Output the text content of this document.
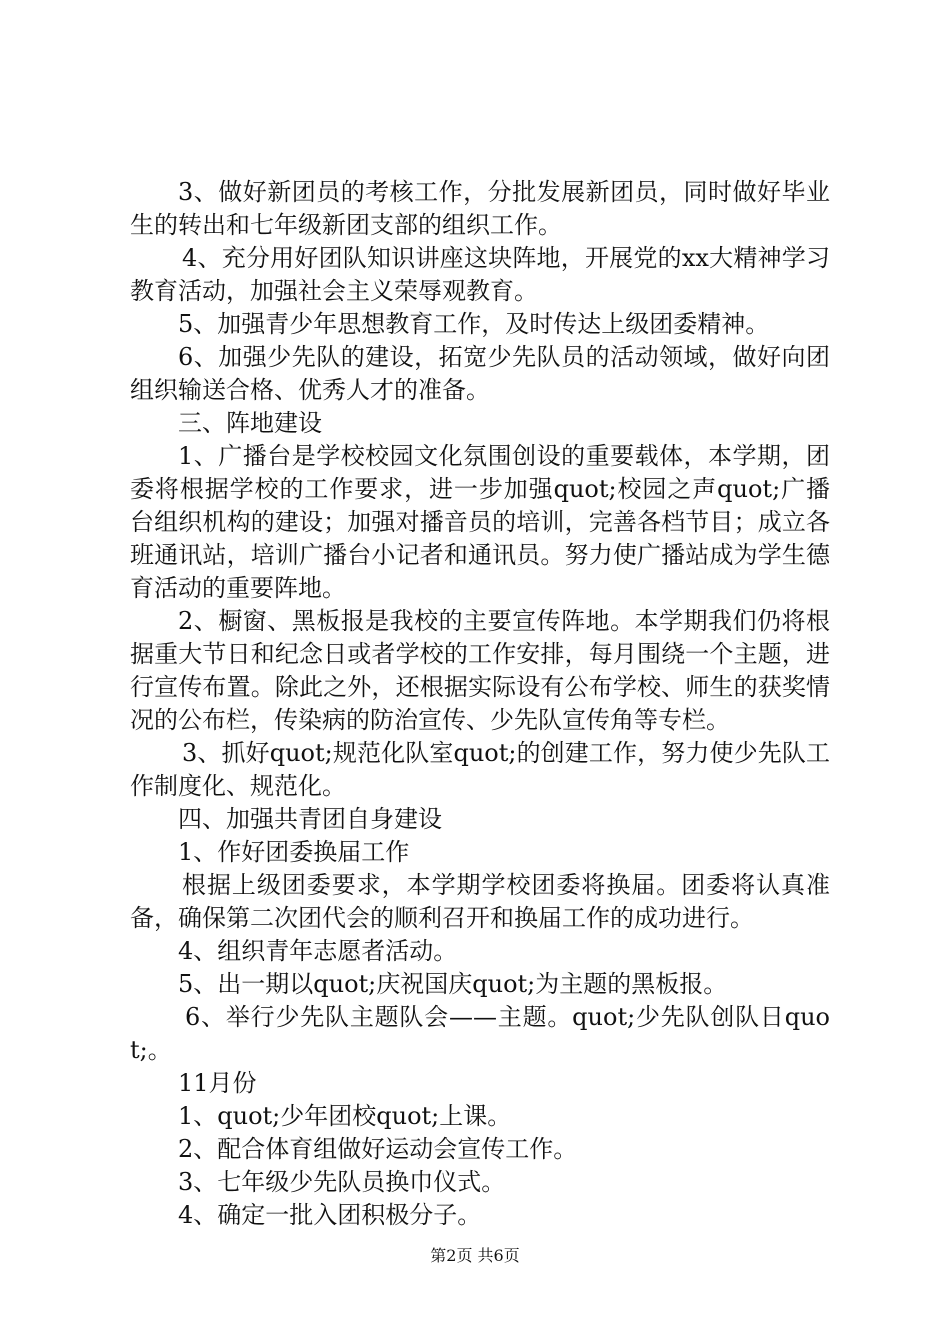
3、做好新团员的考核工作，分批发展新团员，同时做好毕业生的转出和七年级新团支部的组织工作。

4、充分用好团队知识讲座这块阵地，开展党的xx大精神学习教育活动，加强社会主义荣辱观教育。

5、加强青少年思想教育工作，及时传达上级团委精神。

6、加强少先队的建设，拓宽少先队员的活动领域，做好向团组织输送合格、优秀人才的准备。

三、阵地建设

1、广播台是学校校园文化氛围创设的重要载体，本学期，团委将根据学校的工作要求，进一步加强quot;校园之声quot;广播台组织机构的建设；加强对播音员的培训，完善各档节目；成立各班通讯站，培训广播台小记者和通讯员。努力使广播站成为学生德育活动的重要阵地。

2、橱窗、黑板报是我校的主要宣传阵地。本学期我们仍将根据重大节日和纪念日或者学校的工作安排，每月围绕一个主题，进行宣传布置。除此之外，还根据实际设有公布学校、师生的获奖情况的公布栏，传染病的防治宣传、少先队宣传角等专栏。

3、抓好quot;规范化队室quot;的创建工作，努力使少先队工作制度化、规范化。

四、加强共青团自身建设

1、作好团委换届工作

根据上级团委要求，本学期学校团委将换届。团委将认真准备，确保第二次团代会的顺利召开和换届工作的成功进行。

4、组织青年志愿者活动。

5、出一期以quot;庆祝国庆quot;为主题的黑板报。

6、举行少先队主题队会——主题。quot;少先队创队日quot;。

11月份

1、quot;少年团校quot;上课。

2、配合体育组做好运动会宣传工作。

3、七年级少先队员换巾仪式。

4、确定一批入团积极分子。

第2页 共6页
